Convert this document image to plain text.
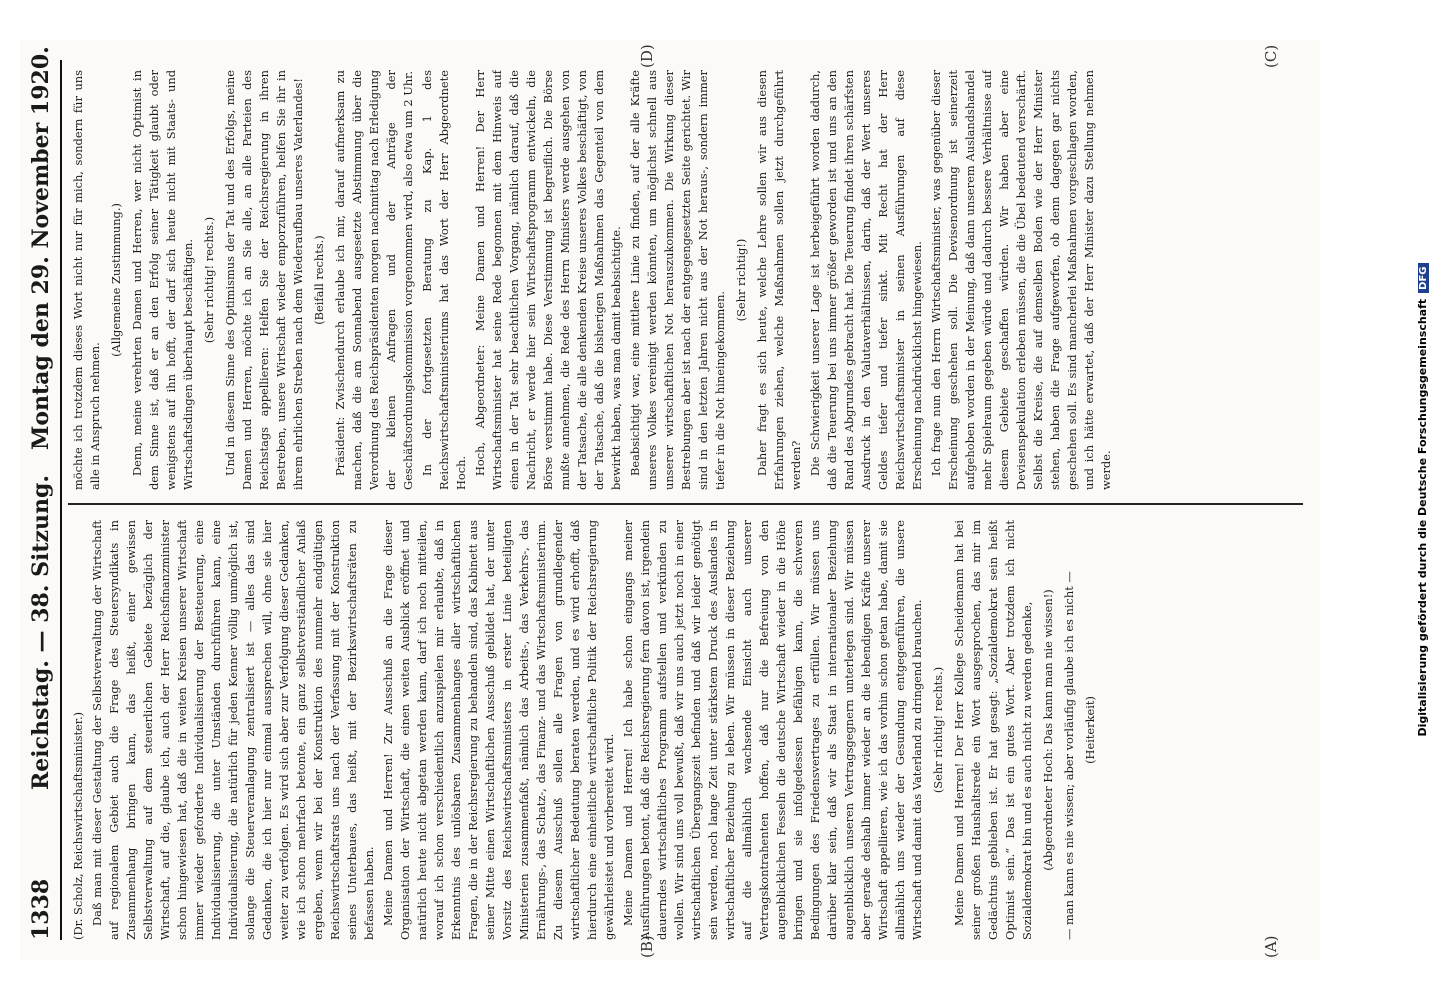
1338
Reichstag. — 38. Sitzung.
Montag den 29. November 1920.
(A)
(B)
(C)
(D)

(Dr. Scholz, Reichswirtschaftsminister.) Daß man mit dieser Gestaltung der Selbstverwaltung der Wirtschaft auf regionalem Gebiet auch die Frage des Steuersyndikats in Zusammenhang bringen kann, das heißt, einer gewissen Selbstverwaltung auf dem steuerlichen Gebiete bezüglich der Wirtschaft, auf die, glaube ich, auch der Herr Reichsfinanzminister schon hingewiesen hat, daß die in weiten Kreisen unserer Wirtschaft immer wieder geforderte Individualisierung der Besteuerung, eine Individualisierung, die unter Umständen durchführen kann, eine Individualisierung, die natürlich für jeden Kenner völlig unmöglich ist, solange die Steuerveranlagung zentralisiert ist — alles das sind Gedanken, die ich hier nur einmal aussprechen will, ohne sie hier weiter zu verfolgen. Es wird sich aber zur Verfolgung dieser Gedanken, wie ich schon mehrfach betonte, ein ganz selbstverständlicher Anlaß ergeben, wenn wir bei der Konstruktion des nunmehr endgültigen Reichswirtschaftsrats uns nach der Verfassung mit der Konstruktion seines Unterbaues, das heißt, mit der Bezirkswirtschaftsräten zu befassen haben. Meine Damen und Herren! Zur Ausschuß an die Frage dieser Organisation der Wirtschaft, die einen weiten Ausblick eröffnet und natürlich heute nicht abgetan werden kann, darf ich noch mitteilen, worauf ich schon verschiedentlich anzuspielen mir erlaubte, daß in Erkenntnis des unlösbaren Zusammenhanges aller wirtschaftlichen Fragen, die in der Reichsregierung zu behandeln sind, das Kabinett aus seiner Mitte einen Wirtschaftlichen Ausschuß gebildet hat, der unter Vorsitz des Reichswirtschaftsministers in erster Linie beteiligten Ministerien zusammenfaßt, nämlich das Arbeits-, das Verkehrs-, das Ernährungs-, das Schatz-, das Finanz- und das Wirtschaftsministerium. Zu diesem Ausschuß sollen alle Fragen von grundlegender wirtschaftlicher Bedeutung beraten werden, und es wird erhofft, daß hierdurch eine einheitliche wirtschaftliche Politik der Reichsregierung gewährleistet und vorbereitet wird. Meine Damen und Herren! Ich habe schon eingangs meiner Ausführungen betont, daß die Reichsregierung fern davon ist, irgendein dauerndes wirtschaftliches Programm aufstellen und verkünden zu wollen. Wir sind uns voll bewußt, daß wir uns auch jetzt noch in einer wirtschaftlichen Übergangszeit befinden und daß wir leider genötigt sein werden, noch lange Zeit unter stärkstem Druck des Auslandes in wirtschaftlicher Beziehung zu leben. Wir müssen in dieser Beziehung auf die allmählich wachsende Einsicht auch unserer Vertragskontrahenten hoffen, daß nur die Befreiung von den augenblicklichen Fesseln die deutsche Wirtschaft wieder in die Höhe bringen und sie infolgedessen befähigen kann, die schweren Bedingungen des Friedensvertrages zu erfüllen. Wir müssen uns darüber klar sein, daß wir als Staat in internationaler Beziehung augenblicklich unseren Vertragsgegnern unterlegen sind. Wir müssen aber gerade deshalb immer wieder an die lebendigen Kräfte unserer Wirtschaft appellieren, wie ich das vorhin schon getan habe, damit sie allmählich uns wieder der Gesundung entgegenführen, die unsere Wirtschaft und damit das Vaterland zu dringend brauchen. (Sehr richtig! rechts.) Meine Damen und Herren! Der Herr Kollege Scheidemann hat bei seiner großen Haushaltsrede ein Wort ausgesprochen, das mir im Gedächtnis geblieben ist. Er hat gesagt: „Sozialdemokrat sein heißt Optimist sein.“ Das ist ein gutes Wort. Aber trotzdem ich nicht Sozialdemokrat bin und es auch nicht zu werden gedenke, (Abgeordneter Hoch: Das kann man nie wissen!) — man kann es nie wissen; aber vorläufig glaube ich es nicht — (Heiterkeit)

möchte ich trotzdem dieses Wort nicht nur für mich, sondern für uns alle in Anspruch nehmen.

(Allgemeine Zustimmung.) Denn, meine verehrten Damen und Herren, wer nicht Optimist in dem Sinne ist, daß er an den Erfolg seiner Tätigkeit glaubt oder wenigstens auf ihn hofft, der darf sich heute nicht mit Staats- und Wirtschaftsdingen überhaupt beschäftigen. (Sehr richtig! rechts.) Und in diesem Sinne des Optimismus der Tat und des Erfolgs, meine Damen und Herren, möchte ich an Sie alle, an alle Parteien des Reichstags appellieren: Helfen Sie der Reichsregierung in ihren Bestreben, unsere Wirtschaft wieder emporzuführen, helfen Sie ihr in ihrem ehrlichen Streben nach dem Wiederaufbau unseres Vaterlandes! (Beifall rechts.) Präsident: Zwischendurch erlaube ich mir, darauf aufmerksam zu machen, daß die am Sonnabend ausgesetzte Abstimmung über die Verordnung des Reichspräsidenten morgen nachmittag nach Erledigung der kleinen Anfragen und der Anträge der Geschäftsordnungskommission vorgenommen wird, also etwa um 2 Uhr. In der fortgesetzten Beratung zu Kap. 1 des Reichswirtschaftsministeriums hat das Wort der Herr Abgeordnete Hoch. Hoch, Abgeordneter: Meine Damen und Herren! Der Herr Wirtschaftsminister hat seine Rede begonnen mit dem Hinweis auf einen in der Tat sehr beachtlichen Vorgang, nämlich darauf, daß die Nachricht, er werde hier sein Wirtschaftsprogramm entwickeln, die Börse verstimmt habe. Diese Verstimmung ist begreiflich. Die Börse mußte annehmen, die Rede des Herrn Ministers werde ausgehen von der Tatsache, die alle denkenden Kreise unseres Volkes beschäftigt, von der Tatsache, daß die bisherigen Maßnahmen das Gegenteil von dem bewirkt haben, was man damit beabsichtigte. Beabsichtigt war, eine mittlere Linie zu finden, auf der alle Kräfte unseres Volkes vereinigt werden könnten, um möglichst schnell aus unserer wirtschaftlichen Not herauszukommen. Die Wirkung dieser Bestrebungen aber ist nach der entgegengesetzten Seite gerichtet. Wir sind in den letzten Jahren nicht aus der Not heraus-, sondern immer tiefer in die Not hineingekommen.

(Sehr richtig!) Daher fragt es sich heute, welche Lehre sollen wir aus diesen Erfahrungen ziehen, welche Maßnahmen sollen jetzt durchgeführt werden? Die Schwierigkeit unserer Lage ist herbeigeführt worden dadurch, daß die Teuerung bei uns immer größer geworden ist und uns an den Rand des Abgrundes gebracht hat. Die Teuerung findet ihren schärfsten Ausdruck in den Valutaverhältnissen, darin, daß der Wert unseres Geldes tiefer und tiefer sinkt. Mit Recht hat der Herr Reichswirtschaftsminister in seinen Ausführungen auf diese Erscheinung nachdrücklichst hingewiesen. Ich frage nun den Herrn Wirtschaftsminister, was gegenüber dieser Erscheinung geschehen soll. Die Devisenordnung ist seinerzeit aufgehoben worden in der Meinung, daß dann unserem Auslandshandel mehr Spielraum gegeben würde und dadurch bessere Verhältnisse auf diesem Gebiete geschaffen würden. Wir haben aber eine Devisenspekulation erleben müssen, die die Übel bedeutend verschärft. Selbst die Kreise, die auf demselben Boden wie der Herr Minister stehen, haben die Frage aufgeworfen, ob denn dagegen gar nichts geschehen soll. Es sind mancherlei Maßnahmen vorgeschlagen worden, und ich hätte erwartet, daß der Herr Minister dazu Stellung nehmen werde.	Digitalisierung gefördert durch die Deutsche ForschungsgemeinschaftDFG
